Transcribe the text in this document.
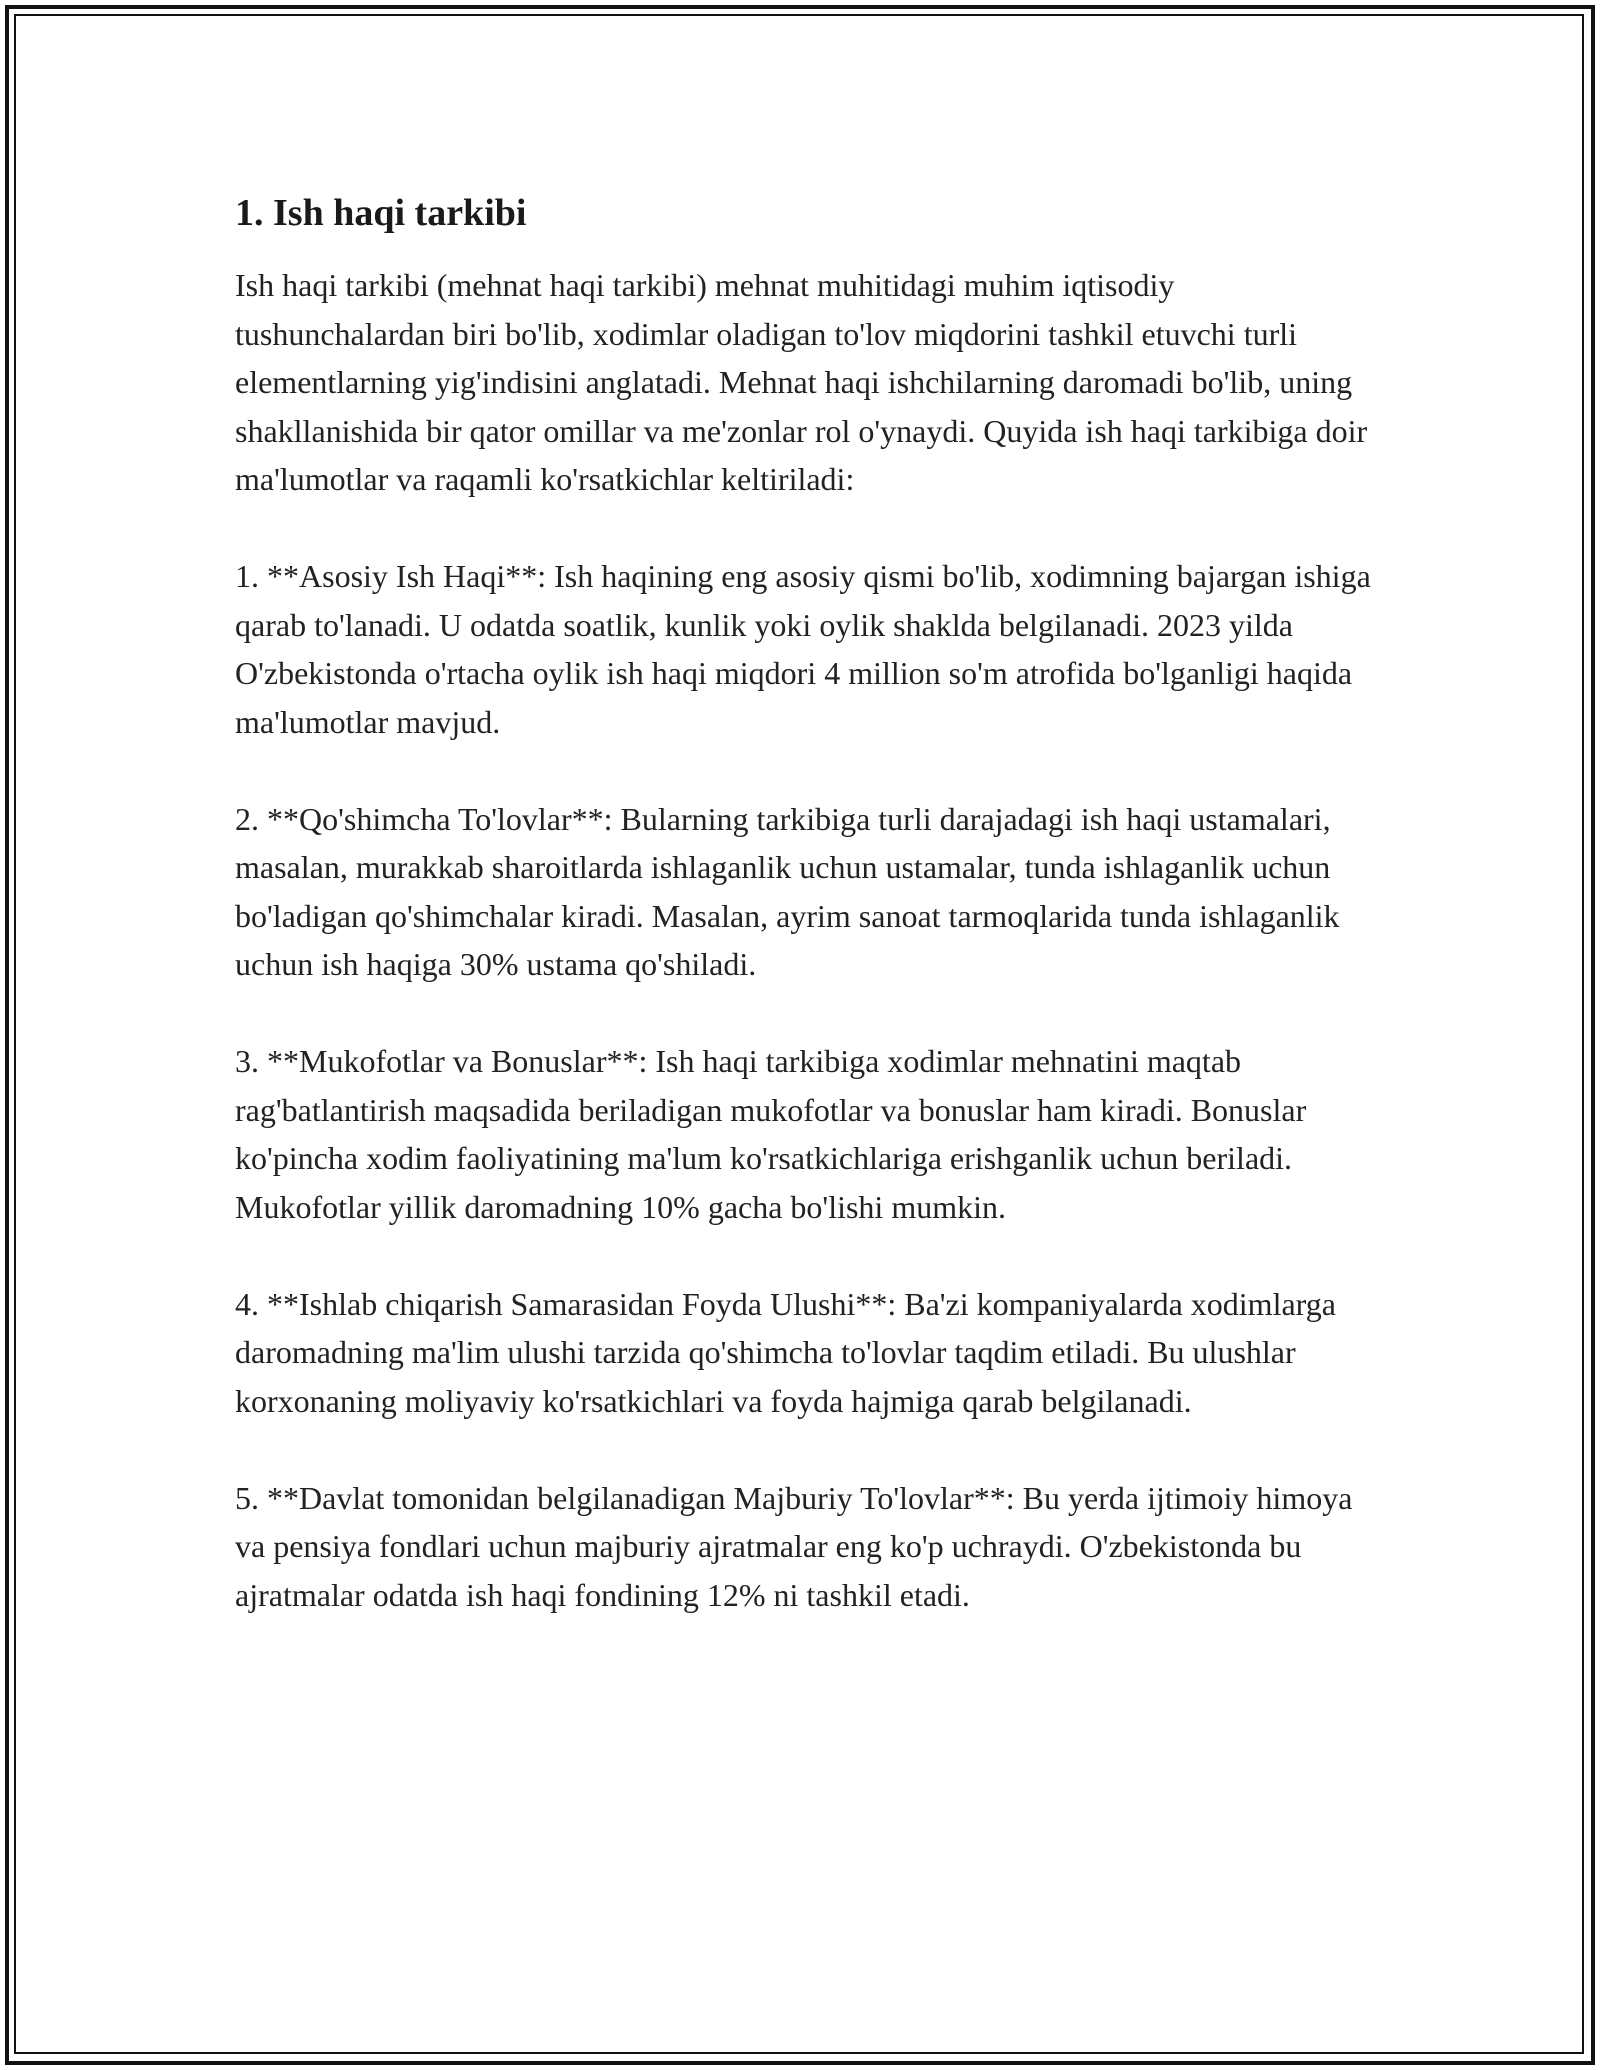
1. Ish haqi tarkibi

Ish haqi tarkibi (mehnat haqi tarkibi) mehnat muhitidagi muhim iqtisodiy tushunchalardan biri bo'lib, xodimlar oladigan to'lov miqdorini tashkil etuvchi turli elementlarning yig'indisini anglatadi. Mehnat haqi ishchilarning daromadi bo'lib, uning shakllanishida bir qator omillar va me'zonlar rol o'ynaydi. Quyida ish haqi tarkibiga doir ma'lumotlar va raqamli ko'rsatkichlar keltiriladi:

1. **Asosiy Ish Haqi**: Ish haqining eng asosiy qismi bo'lib, xodimning bajargan ishiga qarab to'lanadi. U odatda soatlik, kunlik yoki oylik shakldа belgilanadi. 2023 yilda O'zbekistonda o'rtacha oylik ish haqi miqdori 4 million so'm atrofida bo'lganligi haqida ma'lumotlar mavjud.

2. **Qo'shimcha To'lovlar**: Bularning tarkibiga turli darajadagi ish haqi ustamalari, masalan, murakkab sharoitlarda ishlaganlik uchun ustamalar, tunda ishlaganlik uchun bo'ladigan qo'shimchalar kiradi. Masalan, ayrim sanoat tarmoqlarida tunda ishlaganlik uchun ish haqiga 30% ustama qo'shiladi.

3. **Mukofotlar va Bonuslar**: Ish haqi tarkibiga xodimlar mehnatini maqtab rag'batlantirish maqsadida beriladigan mukofotlar va bonuslar ham kiradi. Bonuslar ko'pincha xodim faoliyatining ma'lum ko'rsatkichlariga erishganlik uchun beriladi. Mukofotlar yillik daromadning 10% gacha bo'lishi mumkin.

4. **Ishlab chiqarish Samarasidan Foyda Ulushi**: Ba'zi kompaniyalarda xodimlarga daromadning ma'lim ulushi tarzida qo'shimcha to'lovlar taqdim etiladi. Bu ulushlar korxonaning moliyaviy ko'rsatkichlari va foyda hajmiga qarab belgilanadi.

5. **Davlat tomonidan belgilanadigan Majburiy To'lovlar**: Bu yerda ijtimoiy himoya va pensiya fondlari uchun majburiy ajratmalar eng ko'p uchraydi. O'zbekistonda bu ajratmalar odatda ish haqi fondining 12% ni tashkil etadi.
